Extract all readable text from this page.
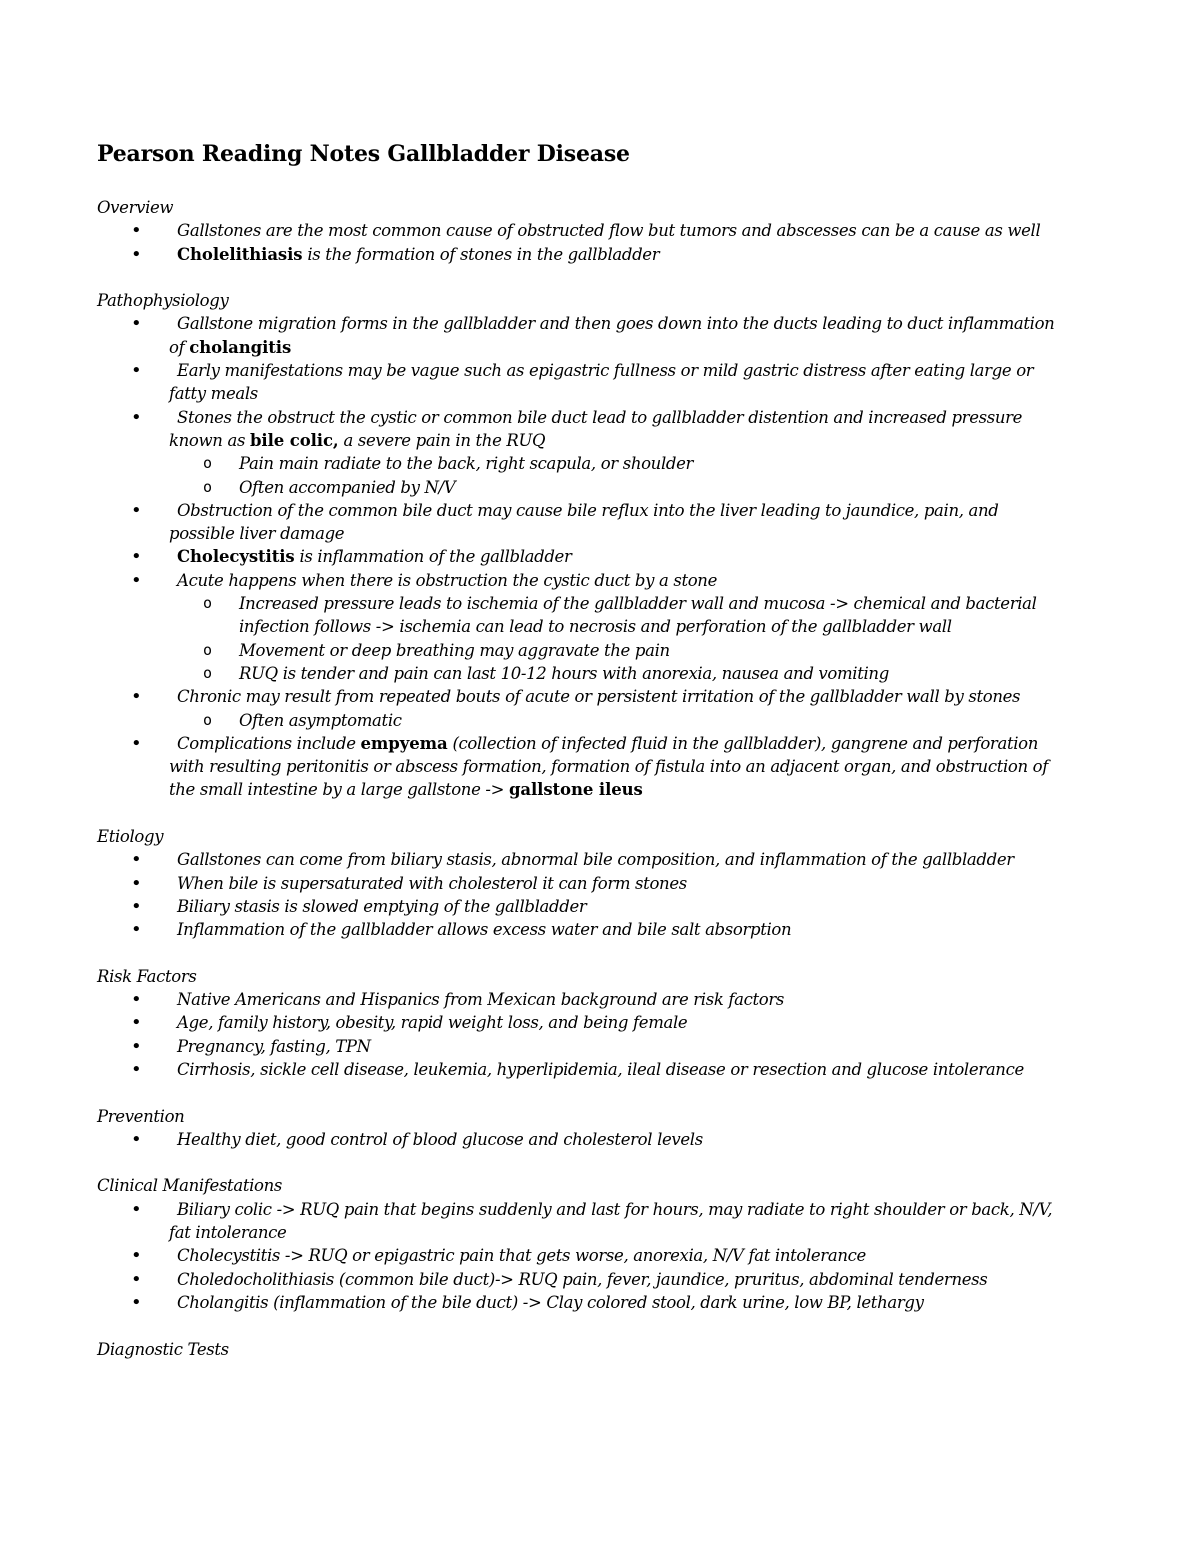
Pearson Reading Notes Gallbladder Disease
Overview
• Gallstones are the most common cause of obstructed flow but tumors and abscesses can be a cause as well
• Cholelithiasis is the formation of stones in the gallbladder
Pathophysiology
• Gallstone migration forms in the gallbladder and then goes down into the ducts leading to duct inflammation of cholangitis
• Early manifestations may be vague such as epigastric fullness or mild gastric distress after eating large or fatty meals
• Stones the obstruct the cystic or common bile duct lead to gallbladder distention and increased pressure known as bile colic, a severe pain in the RUQ
o Pain main radiate to the back, right scapula, or shoulder
o Often accompanied by N/V
• Obstruction of the common bile duct may cause bile reflux into the liver leading to jaundice, pain, and possible liver damage
• Cholecystitis is inflammation of the gallbladder
• Acute happens when there is obstruction the cystic duct by a stone
o Increased pressure leads to ischemia of the gallbladder wall and mucosa -> chemical and bacterial infection follows -> ischemia can lead to necrosis and perforation of the gallbladder wall
o Movement or deep breathing may aggravate the pain
o RUQ is tender and pain can last 10-12 hours with anorexia, nausea and vomiting
• Chronic may result from repeated bouts of acute or persistent irritation of the gallbladder wall by stones
o Often asymptomatic
• Complications include empyema (collection of infected fluid in the gallbladder), gangrene and perforation with resulting peritonitis or abscess formation, formation of fistula into an adjacent organ, and obstruction of the small intestine by a large gallstone -> gallstone ileus
Etiology
• Gallstones can come from biliary stasis, abnormal bile composition, and inflammation of the gallbladder
• When bile is supersaturated with cholesterol it can form stones
• Biliary stasis is slowed emptying of the gallbladder
• Inflammation of the gallbladder allows excess water and bile salt absorption
Risk Factors
• Native Americans and Hispanics from Mexican background are risk factors
• Age, family history, obesity, rapid weight loss, and being female
• Pregnancy, fasting, TPN
• Cirrhosis, sickle cell disease, leukemia, hyperlipidemia, ileal disease or resection and glucose intolerance
Prevention
• Healthy diet, good control of blood glucose and cholesterol levels
Clinical Manifestations
• Biliary colic -> RUQ pain that begins suddenly and last for hours, may radiate to right shoulder or back, N/V, fat intolerance
• Cholecystitis -> RUQ or epigastric pain that gets worse, anorexia, N/V fat intolerance
• Choledocholithiasis (common bile duct)-> RUQ pain, fever, jaundice, pruritus, abdominal tenderness
• Cholangitis (inflammation of the bile duct) -> Clay colored stool, dark urine, low BP, lethargy
Diagnostic Tests
